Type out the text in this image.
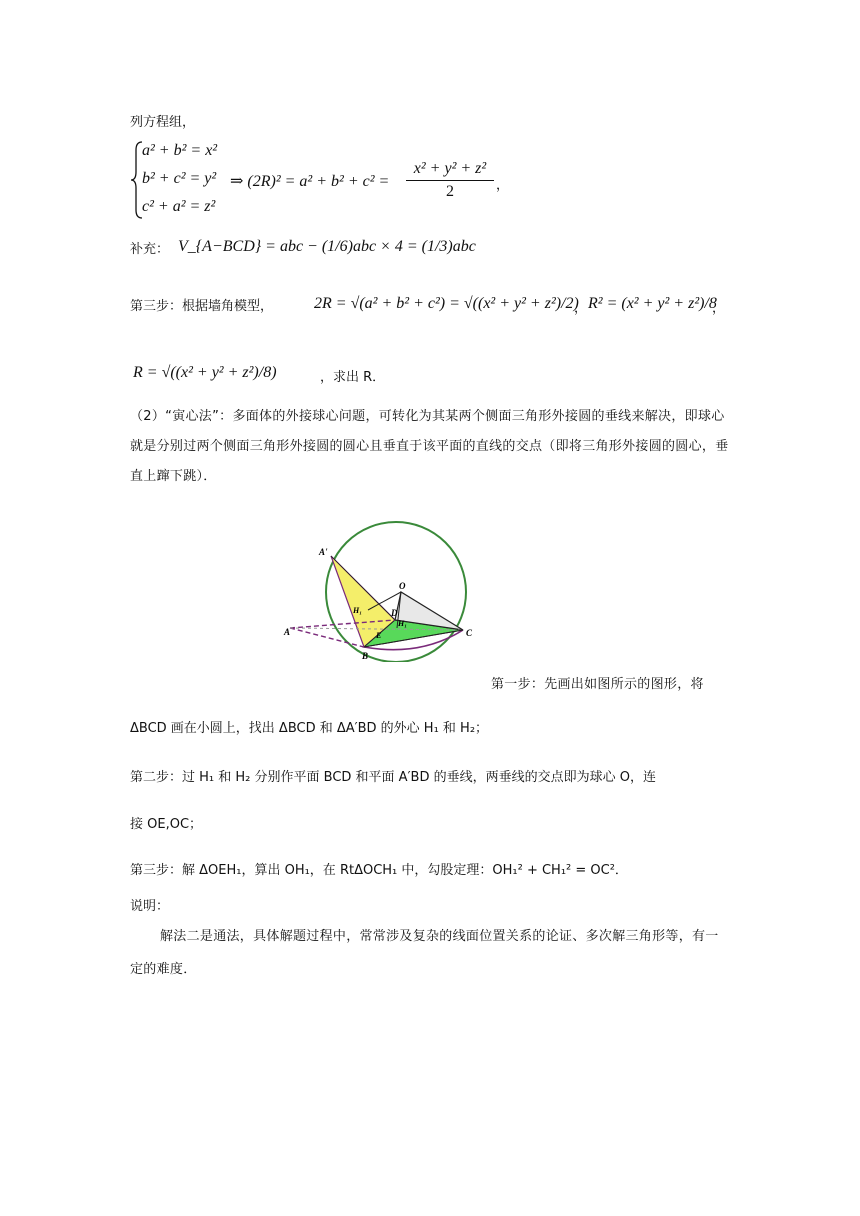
列方程组，
a² + b² = x²
b² + c² = y²
c² + a² = z²
⇒ (2R)² = a² + b² + c² =
x² + y² + z²
2	，
补充： V_{A−BCD} = abc − (1/6)abc × 4 = (1/3)abc
第三步：根据墙角模型，	2R = √(a² + b² + c²) = √((x² + y² + z²)/2)
， R² = (x² + y² + z²)/8
，
R = √((x² + y² + z²)/8)	，求出 R．
（2）“寅心法”：多面体的外接球心问题，可转化为其某两个侧面三角形外接圆的垂线来解决，即球心就是分别过两个侧面三角形外接圆的圆心且垂直于该平面的直线的交点（即将三角形外接圆的圆心，垂直上蹿下跳）．
A'
A
B
C
D
E
O
H₁
H₁
第一步：先画出如图所示的图形，将
ΔBCD 画在小圆上，找出 ΔBCD 和 ΔA′BD 的外心 H₁ 和 H₂；
第二步：过 H₁ 和 H₂ 分别作平面 BCD 和平面 A′BD 的垂线，两垂线的交点即为球心 O，连
接 OE,OC；
第三步：解 ΔOEH₁，算出 OH₁，在 RtΔOCH₁ 中，勾股定理：OH₁² + CH₁² = OC²．
说明：
解法二是通法，具体解题过程中，常常涉及复杂的线面位置关系的论证、多次解三角形等，有一定的难度．
